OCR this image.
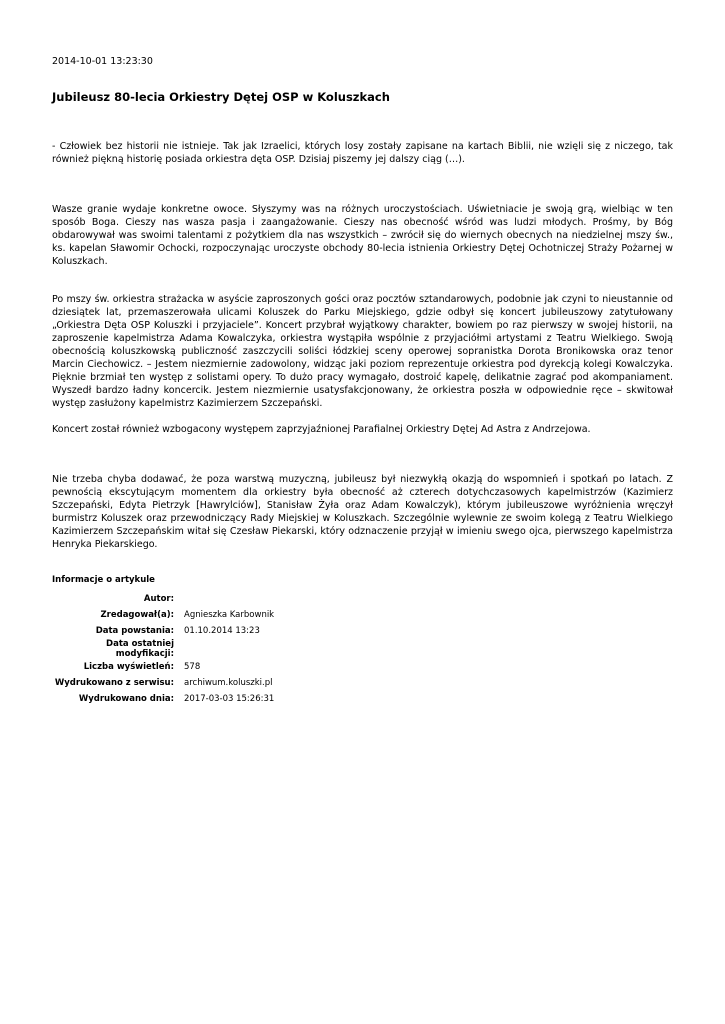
2014-10-01 13:23:30
Jubileusz 80-lecia Orkiestry Dętej OSP w Koluszkach

- Człowiek bez historii nie istnieje. Tak jak Izraelici, których losy zostały zapisane na kartach Biblii, nie wzięli się z niczego, tak również piękną historię posiada orkiestra dęta OSP. Dzisiaj piszemy jej dalszy ciąg (…).

Wasze granie wydaje konkretne owoce. Słyszymy was na różnych uroczystościach. Uświetniacie je swoją grą, wielbiąc w ten sposób Boga. Cieszy nas wasza pasja i zaangażowanie. Cieszy nas obecność wśród was ludzi młodych. Prośmy, by Bóg obdarowywał was swoimi talentami z pożytkiem dla nas wszystkich – zwrócił się do wiernych obecnych na niedzielnej mszy św., ks. kapelan Sławomir Ochocki, rozpoczynając uroczyste obchody 80-lecia istnienia Orkiestry Dętej Ochotniczej Straży Pożarnej w Koluszkach.

Po mszy św. orkiestra strażacka w asyście zaproszonych gości oraz pocztów sztandarowych, podobnie jak czyni to nieustannie od dziesiątek lat, przemaszerowała ulicami Koluszek do Parku Miejskiego, gdzie odbył się koncert jubileuszowy zatytułowany „Orkiestra Dęta OSP Koluszki i przyjaciele”. Koncert przybrał wyjątkowy charakter, bowiem po raz pierwszy w swojej historii, na zaproszenie kapelmistrza Adama Kowalczyka, orkiestra wystąpiła wspólnie z przyjaciółmi artystami z Teatru Wielkiego. Swoją obecnością koluszkowską publiczność zaszczycili soliści łódzkiej sceny operowej sopranistka Dorota Bronikowska oraz tenor Marcin Ciechowicz. – Jestem niezmiernie zadowolony, widząc jaki poziom reprezentuje orkiestra pod dyrekcją kolegi Kowalczyka. Pięknie brzmiał ten występ z solistami opery. To dużo pracy wymagało, dostroić kapelę, delikatnie zagrać pod akompaniament. Wyszedł bardzo ładny koncercik. Jestem niezmiernie usatysfakcjonowany, że orkiestra poszła w odpowiednie ręce – skwitował występ zasłużony kapelmistrz Kazimierzem Szczepański.

Koncert został również wzbogacony występem zaprzyjaźnionej Parafialnej Orkiestry Dętej Ad Astra z Andrzejowa.

Nie trzeba chyba dodawać, że poza warstwą muzyczną, jubileusz był niezwykłą okazją do wspomnień i spotkań po latach. Z pewnością ekscytującym momentem dla orkiestry była obecność aż czterech dotychczasowych kapelmistrzów (Kazimierz Szczepański, Edyta Pietrzyk [Hawrylciów], Stanisław Żyła oraz Adam Kowalczyk), którym jubileuszowe wyróżnienia wręczył burmistrz Koluszek oraz przewodniczący Rady Miejskiej w Koluszkach. Szczególnie wylewnie ze swoim kolegą z Teatru Wielkiego Kazimierzem Szczepańskim witał się Czesław Piekarski, który odznaczenie przyjął w imieniu swego ojca, pierwszego kapelmistrza Henryka Piekarskiego.

Informacje o artykule
Autor:	
Zredagował(a):	Agnieszka Karbownik
Data powstania:	01.10.2014 13:23
Data ostatniej modyfikacji:	
Liczba wyświetleń:	578
Wydrukowano z serwisu:	archiwum.koluszki.pl
Wydrukowano dnia:	2017-03-03 15:26:31
